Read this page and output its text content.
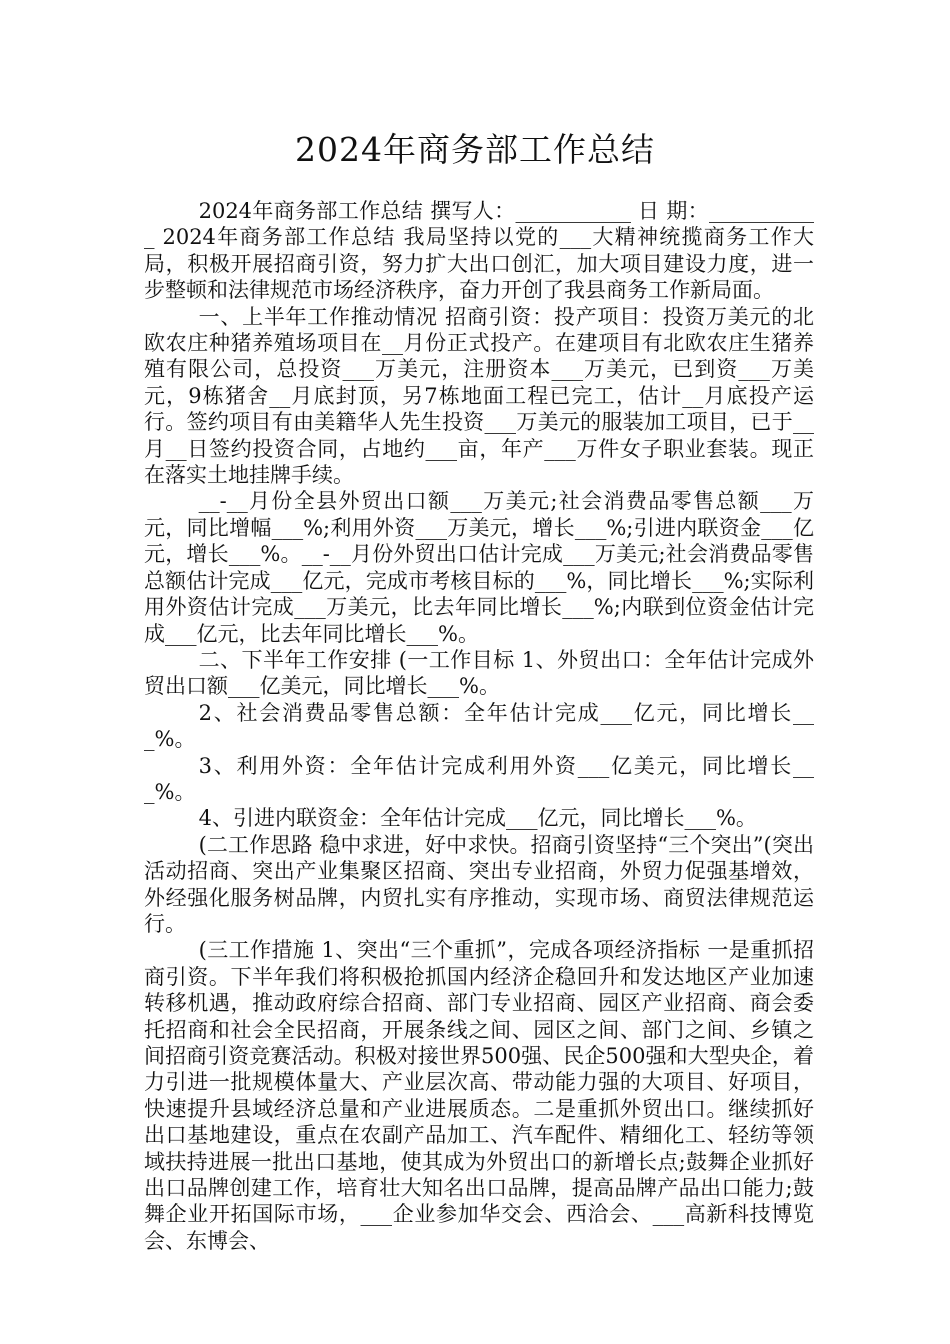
2024年商务部工作总结

2024年商务部工作总结 撰写人：___________ 日 期：___________ 2024年商务部工作总结 我局坚持以党的___大精神统揽商务工作大局，积极开展招商引资，努力扩大出口创汇，加大项目建设力度，进一步整顿和法律规范市场经济秩序，奋力开创了我县商务工作新局面。

一、上半年工作推动情况 招商引资：投产项目：投资万美元的北欧农庄种猪养殖场项目在__月份正式投产。在建项目有北欧农庄生猪养殖有限公司，总投资___万美元，注册资本___万美元，已到资___万美元，9栋猪舍__月底封顶，另7栋地面工程已完工，估计__月底投产运行。签约项目有由美籍华人先生投资___万美元的服装加工项目，已于__月__日签约投资合同，占地约___亩，年产___万件女子职业套装。现正在落实土地挂牌手续。

__-__月份全县外贸出口额___万美元;社会消费品零售总额___万元，同比增幅___%;利用外资___万美元，增长___%;引进内联资金___亿元，增长___%。__-__月份外贸出口估计完成___万美元;社会消费品零售总额估计完成___亿元，完成市考核目标的___%，同比增长___%;实际利用外资估计完成___万美元，比去年同比增长___%;内联到位资金估计完成___亿元，比去年同比增长___%。

二、下半年工作安排 (一工作目标 1、外贸出口：全年估计完成外贸出口额___亿美元，同比增长___%。

2、社会消费品零售总额：全年估计完成___亿元，同比增长___%。

3、利用外资：全年估计完成利用外资___亿美元，同比增长___%。

4、引进内联资金：全年估计完成___亿元，同比增长___%。

(二工作思路 稳中求进，好中求快。招商引资坚持“三个突出”(突出活动招商、突出产业集聚区招商、突出专业招商，外贸力促强基增效，外经强化服务树品牌，内贸扎实有序推动，实现市场、商贸法律规范运行。

(三工作措施 1、突出“三个重抓”，完成各项经济指标 一是重抓招商引资。下半年我们将积极抢抓国内经济企稳回升和发达地区产业加速转移机遇，推动政府综合招商、部门专业招商、园区产业招商、商会委托招商和社会全民招商，开展条线之间、园区之间、部门之间、乡镇之间招商引资竞赛活动。积极对接世界500强、民企500强和大型央企，着力引进一批规模体量大、产业层次高、带动能力强的大项目、好项目，快速提升县域经济总量和产业进展质态。二是重抓外贸出口。继续抓好出口基地建设，重点在农副产品加工、汽车配件、精细化工、轻纺等领域扶持进展一批出口基地，使其成为外贸出口的新增长点;鼓舞企业抓好出口品牌创建工作，培育壮大知名出口品牌，提高品牌产品出口能力;鼓舞企业开拓国际市场，___企业参加华交会、西洽会、___高新科技博览会、东博会、
